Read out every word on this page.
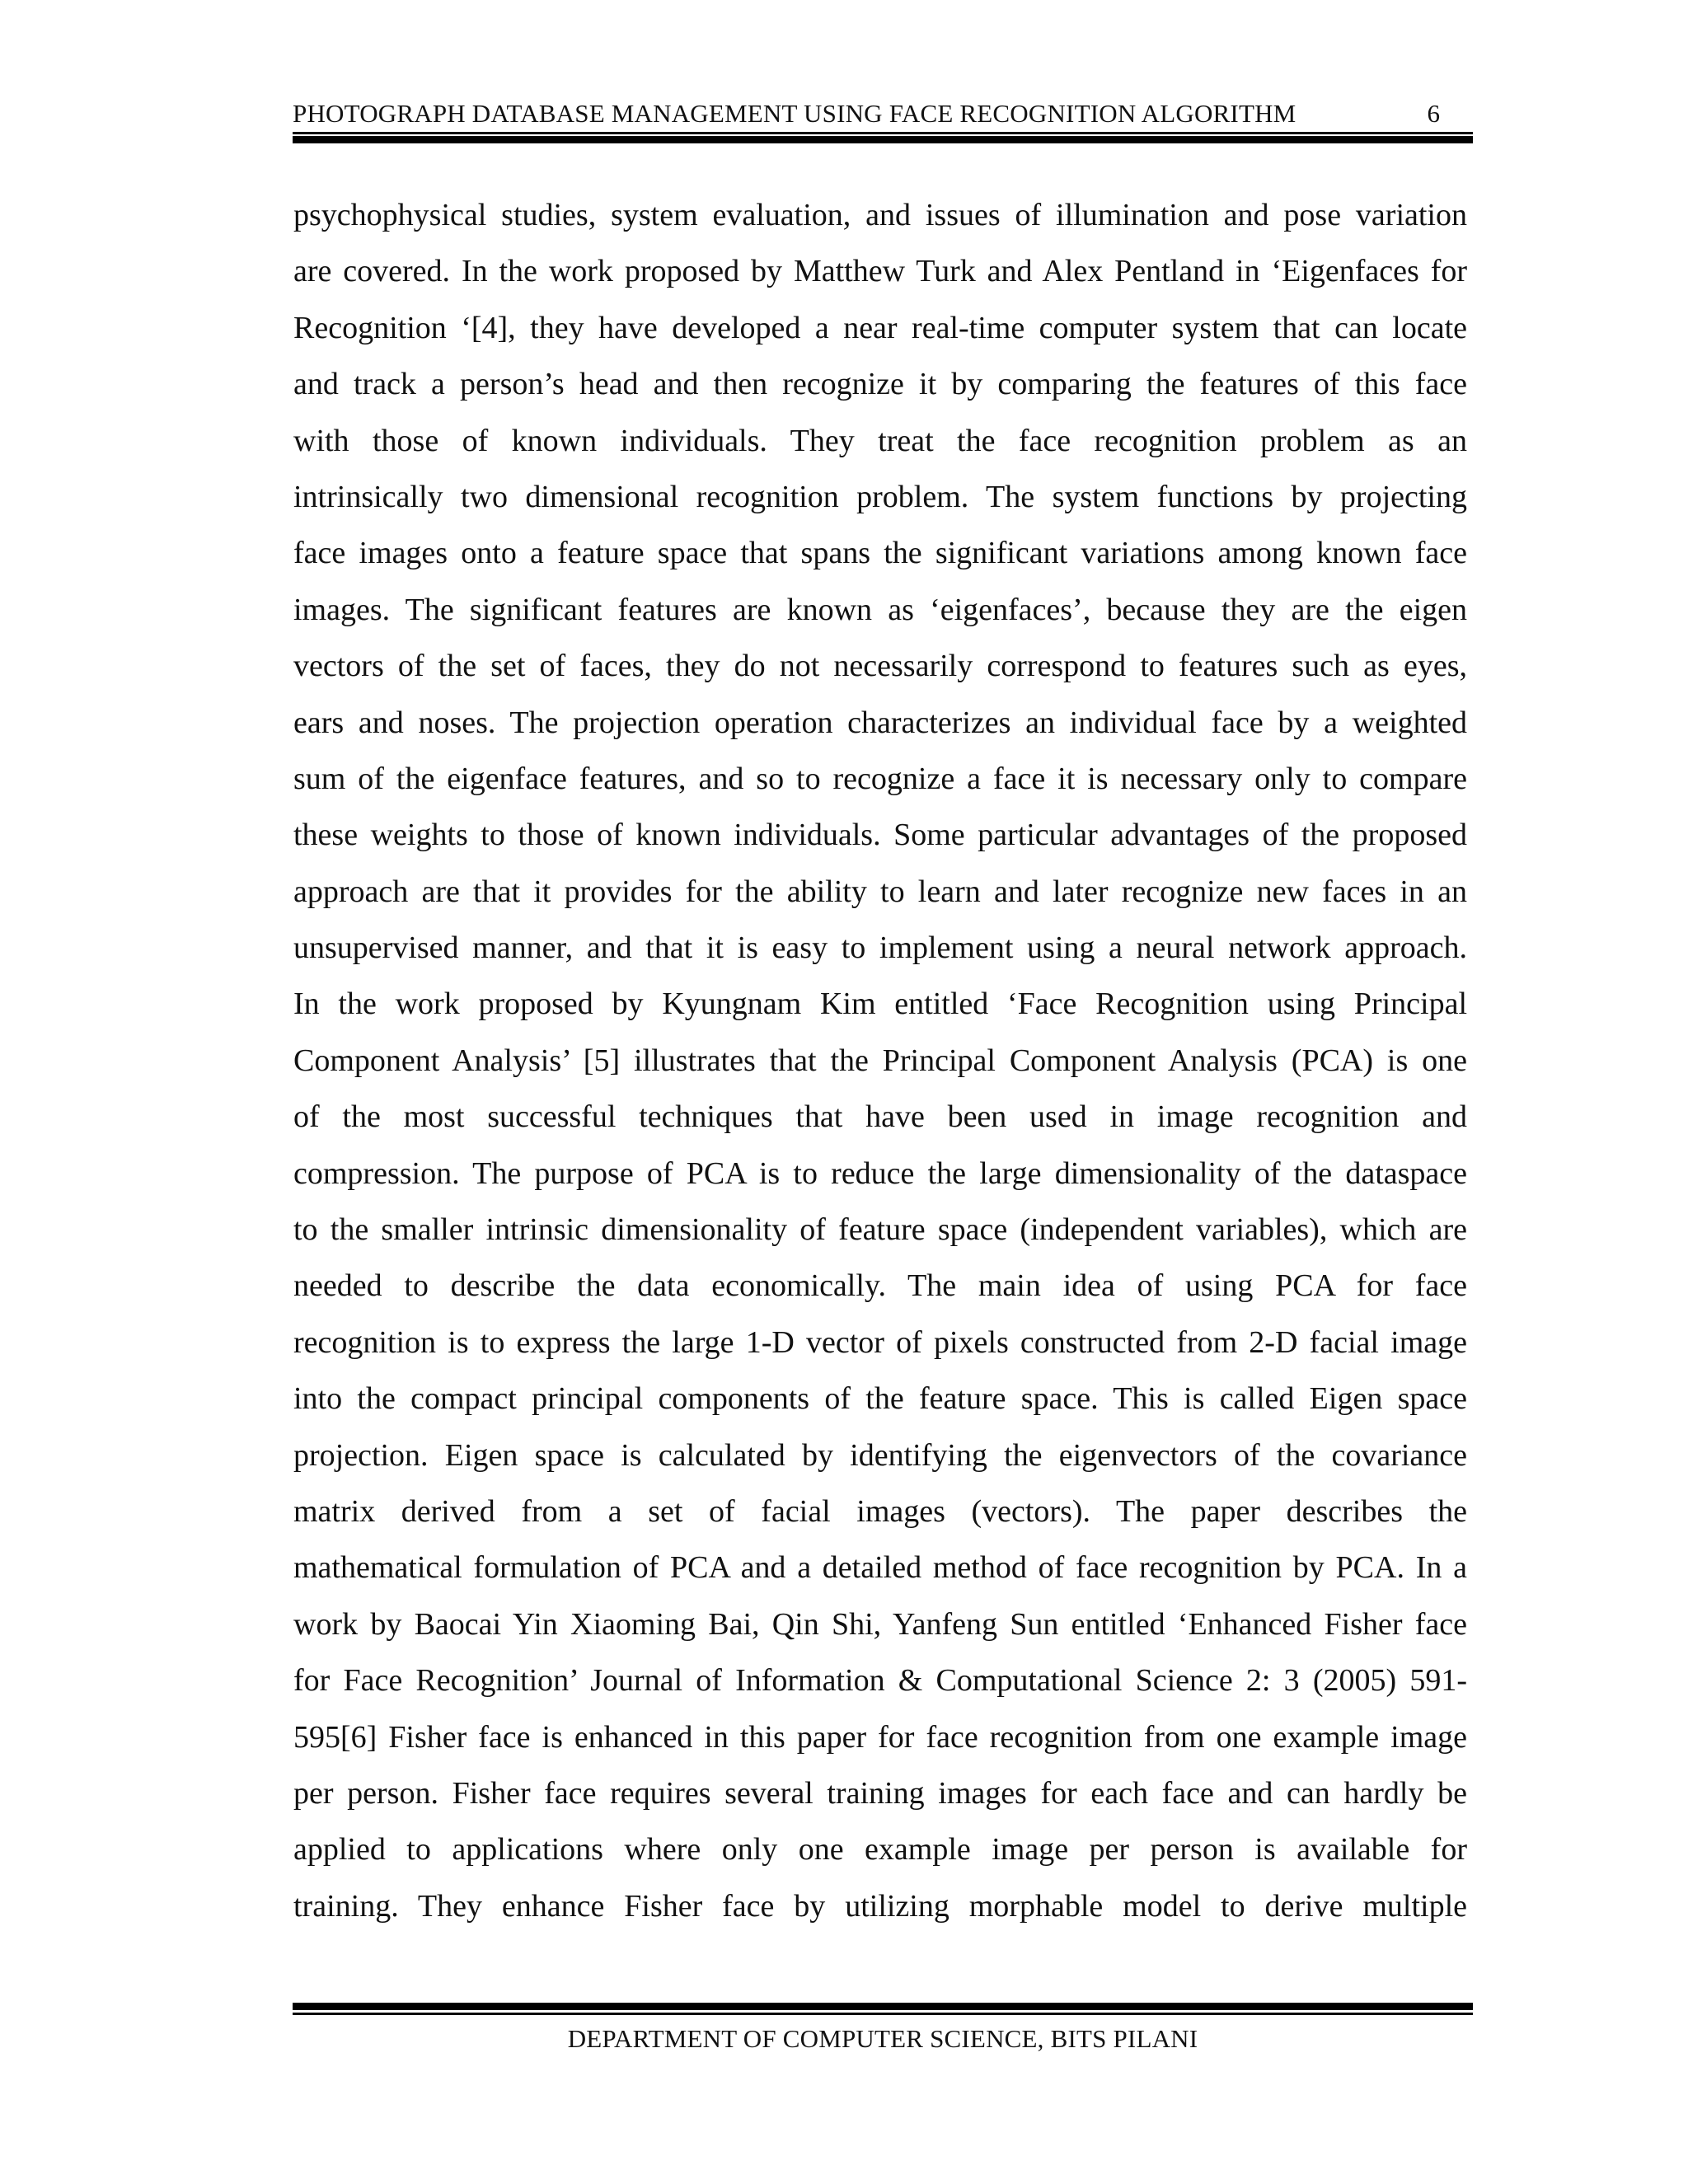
PHOTOGRAPH DATABASE MANAGEMENT USING FACE RECOGNITION ALGORITHM	6
psychophysical studies, system evaluation, and issues of illumination and pose variation
are covered. In the work proposed by Matthew Turk and Alex Pentland in ‘Eigenfaces for
Recognition ‘[4], they have developed a near real-time computer system that can locate
and track a person’s head and then recognize it by comparing the features of this face
with those of known individuals. They treat the face recognition problem as an
intrinsically two dimensional recognition problem. The system functions by projecting
face images onto a feature space that spans the significant variations among known face
images. The significant features are known as ‘eigenfaces’, because they are the eigen
vectors of the set of faces, they do not necessarily correspond to features such as eyes,
ears and noses. The projection operation characterizes an individual face by a weighted
sum of the eigenface features, and so to recognize a face it is necessary only to compare
these weights to those of known individuals. Some particular advantages of the proposed
approach are that it provides for the ability to learn and later recognize new faces in an
unsupervised manner, and that it is easy to implement using a neural network approach.
In the work proposed by Kyungnam Kim entitled ‘Face Recognition using Principal
Component Analysis’ [5] illustrates that the Principal Component Analysis (PCA) is one
of the most successful techniques that have been used in image recognition and
compression. The purpose of PCA is to reduce the large dimensionality of the dataspace
to the smaller intrinsic dimensionality of feature space (independent variables), which are
needed to describe the data economically. The main idea of using PCA for face
recognition is to express the large 1-D vector of pixels constructed from 2-D facial image
into the compact principal components of the feature space. This is called Eigen space
projection. Eigen space is calculated by identifying the eigenvectors of the covariance
matrix derived from a set of facial images (vectors). The paper describes the
mathematical formulation of PCA and a detailed method of face recognition by PCA. In a
work by Baocai Yin Xiaoming Bai, Qin Shi, Yanfeng Sun entitled ‘Enhanced Fisher face
for Face Recognition’ Journal of Information & Computational Science 2: 3 (2005) 591-
595[6] Fisher face is enhanced in this paper for face recognition from one example image
per person. Fisher face requires several training images for each face and can hardly be
applied to applications where only one example image per person is available for
training. They enhance Fisher face by utilizing morphable model to derive multiple
DEPARTMENT OF COMPUTER SCIENCE, BITS PILANI
